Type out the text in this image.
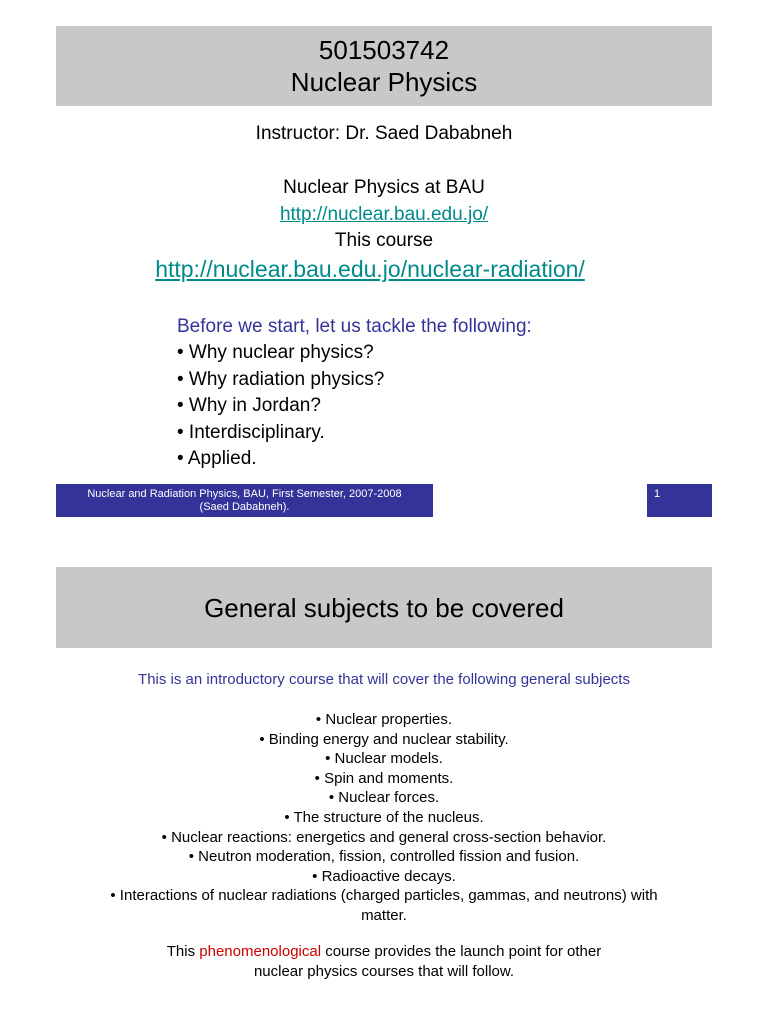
501503742
Nuclear Physics
Instructor: Dr. Saed Dababneh
Nuclear Physics at BAU
http://nuclear.bau.edu.jo/
This course
http://nuclear.bau.edu.jo/nuclear-radiation/
Before we start, let us tackle the following:
• Why nuclear physics?
• Why radiation physics?
• Why in Jordan?
• Interdisciplinary.
• Applied.
Nuclear and Radiation Physics, BAU, First Semester, 2007-2008
(Saed Dababneh).
1
General subjects to be covered
This is an introductory course that will cover the following general subjects
• Nuclear properties.
• Binding energy and nuclear stability.
• Nuclear models.
• Spin and moments.
• Nuclear forces.
• The structure of the nucleus.
• Nuclear reactions: energetics and general cross-section behavior.
• Neutron moderation, fission, controlled fission and fusion.
• Radioactive decays.
• Interactions of nuclear radiations (charged particles, gammas, and neutrons) with
matter.
This phenomenological course provides the launch point for other
nuclear physics courses that will follow.
